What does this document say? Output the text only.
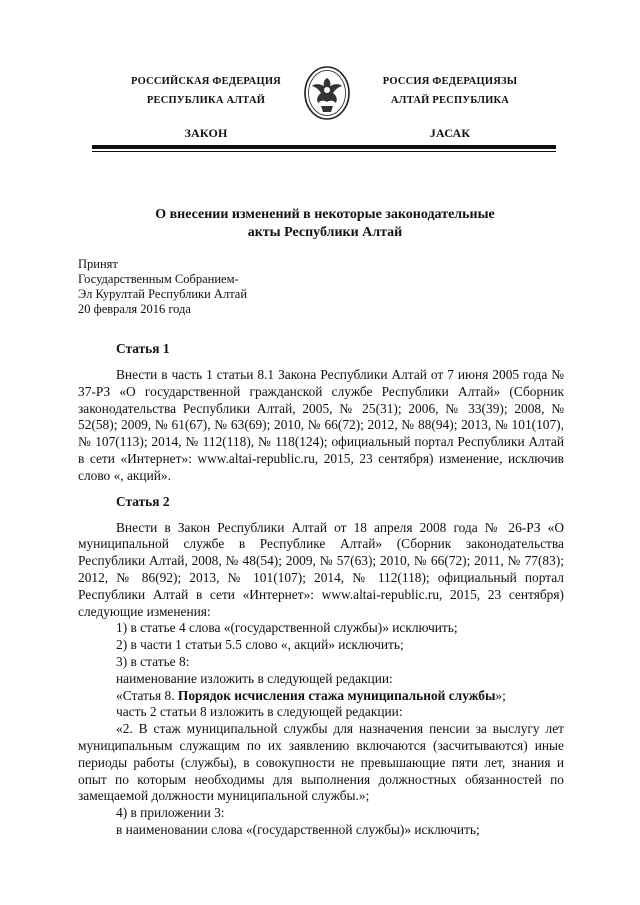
РОССИЙСКАЯ ФЕДЕРАЦИЯ
РЕСПУБЛИКА АЛТАЙ
ЗАКОН
РОССИЯ ФЕДЕРАЦИЯЗЫ
АЛТАЙ РЕСПУБЛИКА
JАСАК
О внесении изменений в некоторые законодательные
акты Республики Алтай
Принят
Государственным Собранием-
Эл Курултай Республики Алтай
20 февраля 2016 года
Статья 1

Внести в часть 1 статьи 8.1 Закона Республики Алтай от 7 июня 2005 года № 37-РЗ «О государственной гражданской службе Республики Алтай» (Сборник законодательства Республики Алтай, 2005, № 25(31); 2006, № 33(39); 2008, № 52(58); 2009, № 61(67), № 63(69); 2010, № 66(72); 2012, № 88(94); 2013, № 101(107), № 107(113); 2014, № 112(118), № 118(124); официальный портал Республики Алтай в сети «Интернет»: www.altai-republic.ru, 2015, 23 сентября) изменение, исключив слово «, акций».

Статья 2

Внести в Закон Республики Алтай от 18 апреля 2008 года № 26-РЗ «О муниципальной службе в Республике Алтай» (Сборник законодательства Республики Алтай, 2008, № 48(54); 2009, № 57(63); 2010, № 66(72); 2011, № 77(83); 2012, № 86(92); 2013, № 101(107); 2014, № 112(118); официальный портал Республики Алтай в сети «Интернет»: www.altai-republic.ru, 2015, 23 сентября) следующие изменения:

1) в статье 4 слова «(государственной службы)» исключить;

2) в части 1 статьи 5.5 слово «, акций» исключить;

3) в статье 8:

наименование изложить в следующей редакции:

«Статья 8. Порядок исчисления стажа муниципальной службы»;

часть 2 статьи 8 изложить в следующей редакции:

«2. В стаж муниципальной службы для назначения пенсии за выслугу лет муниципальным служащим по их заявлению включаются (засчитываются) иные периоды работы (службы), в совокупности не превышающие пяти лет, знания и опыт по которым необходимы для выполнения должностных обязанностей по замещаемой должности муниципальной службы.»;

4) в приложении 3:

в наименовании слова «(государственной службы)» исключить;
